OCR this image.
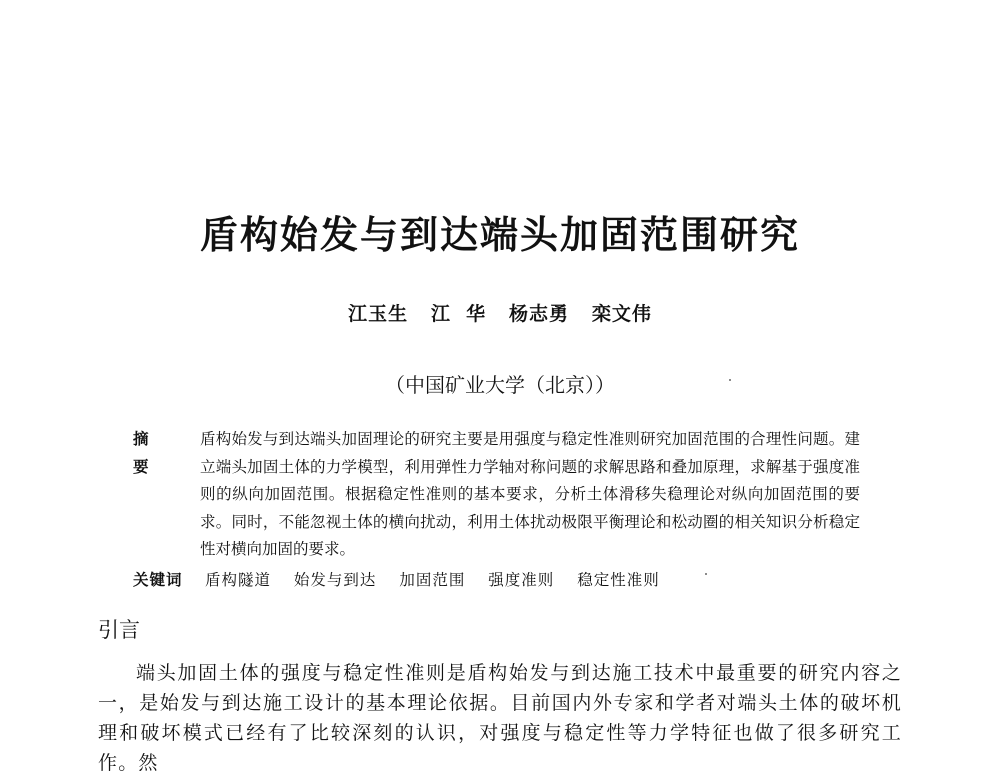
盾构始发与到达端头加固范围研究
江玉生   江  华   杨志勇   栾文伟
（中国矿业大学（北京））
摘要
盾构始发与到达端头加固理论的研究主要是用强度与稳定性准则研究加固范围的合理性问题。建立端头加固土体的力学模型，利用弹性力学轴对称问题的求解思路和叠加原理，求解基于强度准则的纵向加固范围。根据稳定性准则的基本要求，分析土体滑移失稳理论对纵向加固范围的要求。同时，不能忽视土体的横向扰动，利用土体扰动极限平衡理论和松动圈的相关知识分析稳定性对横向加固的要求。
关键词 盾构隧道 始发与到达 加固范围 强度准则 稳定性准则
引言
端头加固土体的强度与稳定性准则是盾构始发与到达施工技术中最重要的研究内容之一，是始发与到达施工设计的基本理论依据。目前国内外专家和学者对端头土体的破坏机理和破坏模式已经有了比较深刻的认识，对强度与稳定性等力学特征也做了很多研究工作。然
